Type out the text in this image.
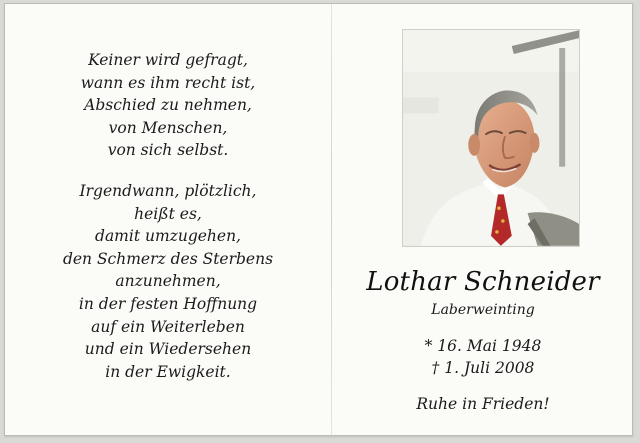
Keiner wird gefragt,
wann es ihm recht ist,
Abschied zu nehmen,
von Menschen,
von sich selbst.
Irgendwann, plötzlich,
heißt es,
damit umzugehen,
den Schmerz des Sterbens
anzunehmen,
in der festen Hoffnung
auf ein Weiterleben
und ein Wiedersehen
in der Ewigkeit.
Lothar Schneider
Laberweinting
* 16. Mai 1948
† 1. Juli 2008
Ruhe in Frieden!
